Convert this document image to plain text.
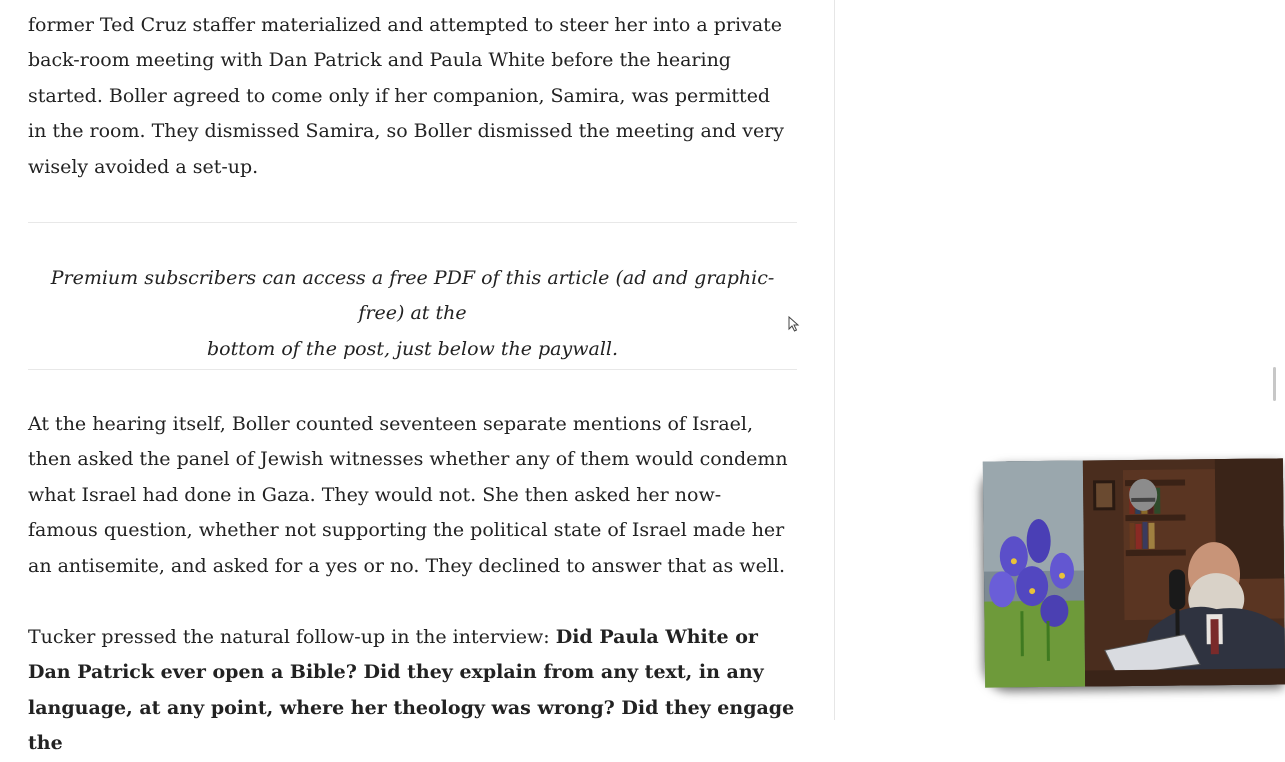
former Ted Cruz staffer materialized and attempted to steer her into a private
back-room meeting with Dan Patrick and Paula White before the hearing
started. Boller agreed to come only if her companion, Samira, was permitted
in the room. They dismissed Samira, so Boller dismissed the meeting and very
wisely avoided a set-up.
Premium subscribers can access a free PDF of this article (ad and graphic-free) at the
bottom of the post, just below the paywall.
At the hearing itself, Boller counted seventeen separate mentions of Israel,
then asked the panel of Jewish witnesses whether any of them would condemn
what Israel had done in Gaza. They would not. She then asked her now-
famous question, whether not supporting the political state of Israel made her
an antisemite, and asked for a yes or no. They declined to answer that as well.
Tucker pressed the natural follow-up in the interview: Did Paula White or
Dan Patrick ever open a Bible? Did they explain from any text, in any
language, at any point, where her theology was wrong? Did they engage the
